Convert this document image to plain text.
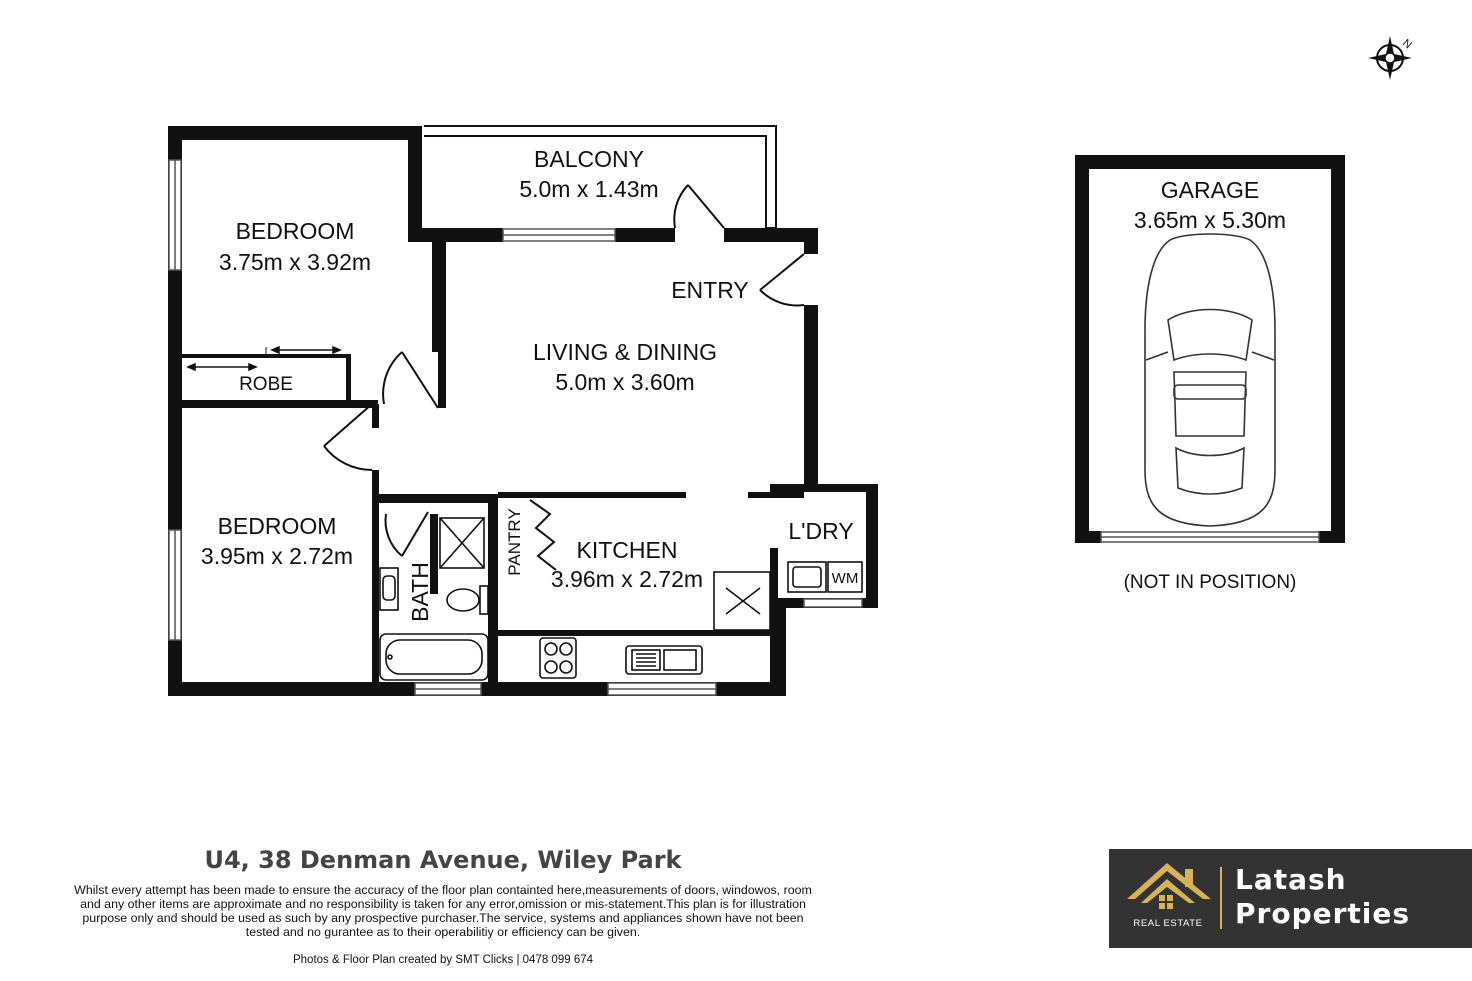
N
BALCONY
5.0m x 1.43m
BEDROOM
3.75m x 3.92m
ROBE
ENTRY
LIVING & DINING
5.0m x 3.60m
BEDROOM
3.95m x 2.72m	PANTRY KITCHEN
3.96m x 2.72m
L'DRY
BATH	WM
GARAGE
3.65m x 5.30m
(NOT IN POSITION)
U4, 38 Denman Avenue, Wiley Park
Whilst every attempt has been made to ensure the accuracy of the floor plan containted here,measurements of doors, windowos, room
and any other items are approximate and no responsibility is taken for any error,omission or mis-statement.This plan is for illustration
purpose only and should be used as such by any prospective purchaser.The service, systems and appliances shown have not been
tested and no gurantee as to their operabilitiy or efficiency can be given.
Photos & Floor Plan created by SMT Clicks | 0478 099 674
REAL ESTATE
Latash
Properties
